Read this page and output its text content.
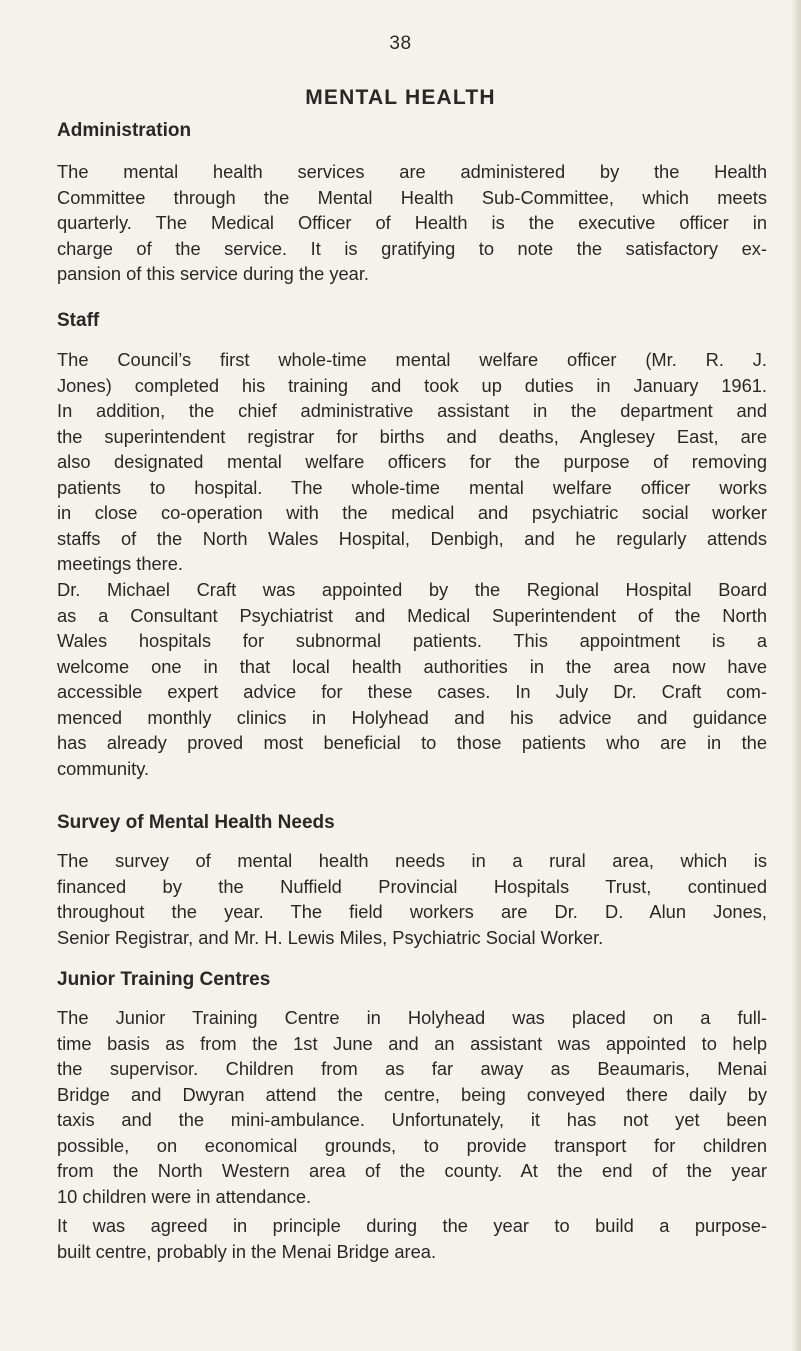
38
MENTAL HEALTH
Administration
The mental health services are administered by the Health
Committee through the Mental Health Sub-Committee, which meets
quarterly. The Medical Officer of Health is the executive officer in
charge of the service. It is gratifying to note the satisfactory ex-
pansion of this service during the year.
Staff
The Council’s first whole-time mental welfare officer (Mr. R. J.
Jones) completed his training and took up duties in January 1961.
In addition, the chief administrative assistant in the department and
the superintendent registrar for births and deaths, Anglesey East, are
also designated mental welfare officers for the purpose of removing
patients to hospital. The whole-time mental welfare officer works
in close co-operation with the medical and psychiatric social worker
staffs of the North Wales Hospital, Denbigh, and he regularly attends
meetings there.
Dr. Michael Craft was appointed by the Regional Hospital Board
as a Consultant Psychiatrist and Medical Superintendent of the North
Wales hospitals for subnormal patients. This appointment is a
welcome one in that local health authorities in the area now have
accessible expert advice for these cases. In July Dr. Craft com-
menced monthly clinics in Holyhead and his advice and guidance
has already proved most beneficial to those patients who are in the
community.
Survey of Mental Health Needs
The survey of mental health needs in a rural area, which is
financed by the Nuffield Provincial Hospitals Trust, continued
throughout the year. The field workers are Dr. D. Alun Jones,
Senior Registrar, and Mr. H. Lewis Miles, Psychiatric Social Worker.
Junior Training Centres
The Junior Training Centre in Holyhead was placed on a full-
time basis as from the 1st June and an assistant was appointed to help
the supervisor. Children from as far away as Beaumaris, Menai
Bridge and Dwyran attend the centre, being conveyed there daily by
taxis and the mini-ambulance. Unfortunately, it has not yet been
possible, on economical grounds, to provide transport for children
from the North Western area of the county. At the end of the year
10 children were in attendance.
It was agreed in principle during the year to build a purpose-
built centre, probably in the Menai Bridge area.
